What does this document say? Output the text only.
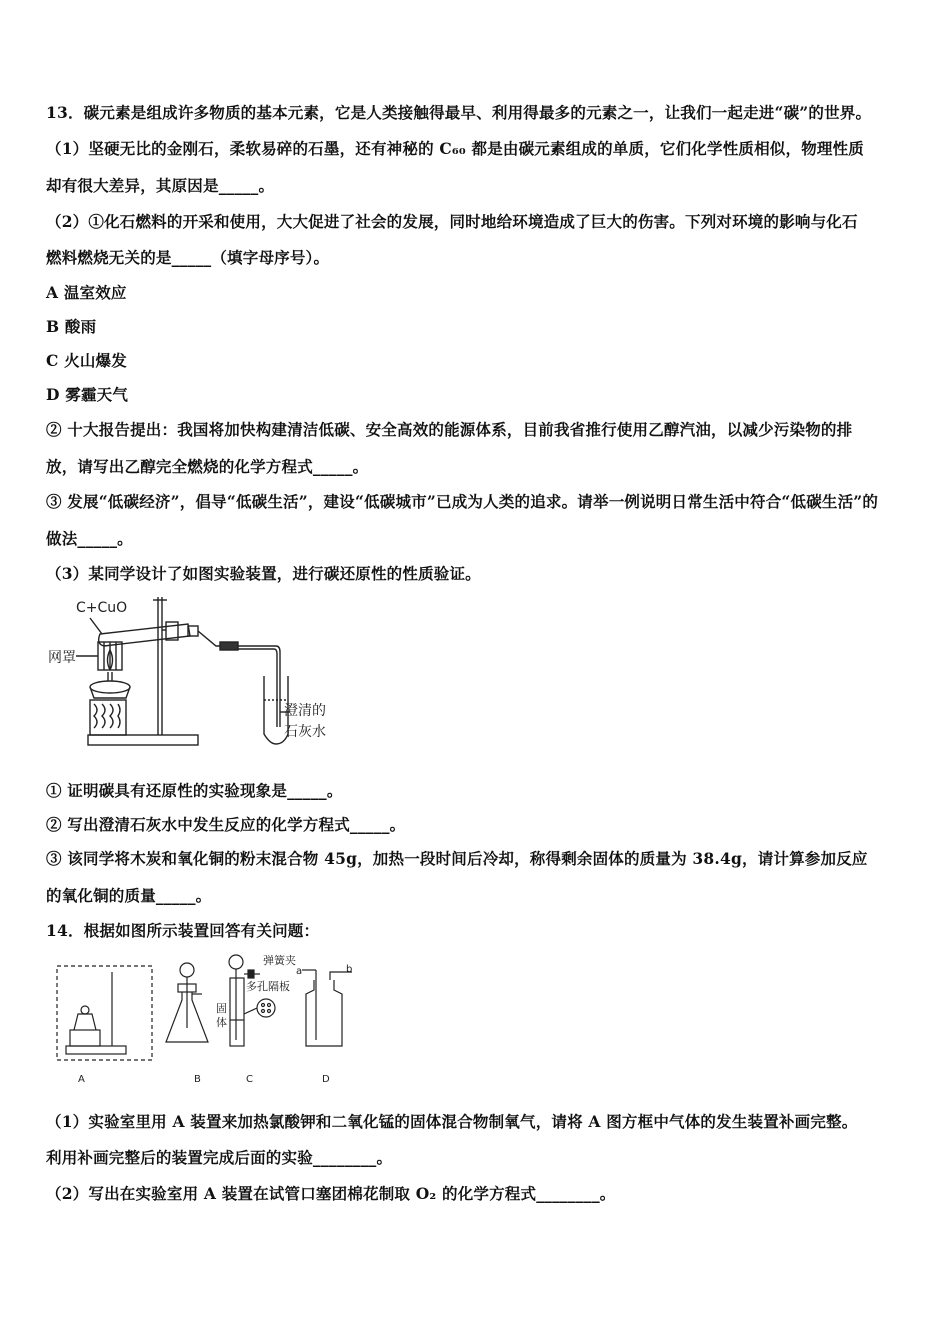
13．碳元素是组成许多物质的基本元素，它是人类接触得最早、利用得最多的元素之一，让我们一起走进“碳”的世界。
（1）坚硬无比的金刚石，柔软易碎的石墨，还有神秘的 C₆₀ 都是由碳元素组成的单质，它们化学性质相似，物理性质
却有很大差异，其原因是_____。
（2）①化石燃料的开采和使用，大大促进了社会的发展，同时地给环境造成了巨大的伤害。下列对环境的影响与化石
燃料燃烧无关的是_____（填字母序号）。
A 温室效应
B 酸雨
C 火山爆发
D 雾霾天气
② 十大报告提出：我国将加快构建清洁低碳、安全高效的能源体系，目前我省推行使用乙醇汽油，以减少污染物的排
放，请写出乙醇完全燃烧的化学方程式_____。
③ 发展“低碳经济”，倡导“低碳生活”，建设“低碳城市”已成为人类的追求。请举一例说明日常生活中符合“低碳生活”的
做法_____。
（3）某同学设计了如图实验装置，进行碳还原性的性质验证。
C+CuO
网罩
澄清的
石灰水
① 证明碳具有还原性的实验现象是_____。
② 写出澄清石灰水中发生反应的化学方程式_____。
③ 该同学将木炭和氧化铜的粉末混合物 45g，加热一段时间后冷却，称得剩余固体的质量为 38.4g，请计算参加反应
的氧化铜的质量_____。
14．根据如图所示装置回答有关问题：
弹簧夹
多孔隔板
固
体
a	b
A	B	C	D
（1）实验室里用 A 装置来加热氯酸钾和二氧化锰的固体混合物制氧气，请将 A 图方框中气体的发生装置补画完整。
利用补画完整后的装置完成后面的实验________。
（2）写出在实验室用 A 装置在试管口塞团棉花制取 O₂ 的化学方程式________。
